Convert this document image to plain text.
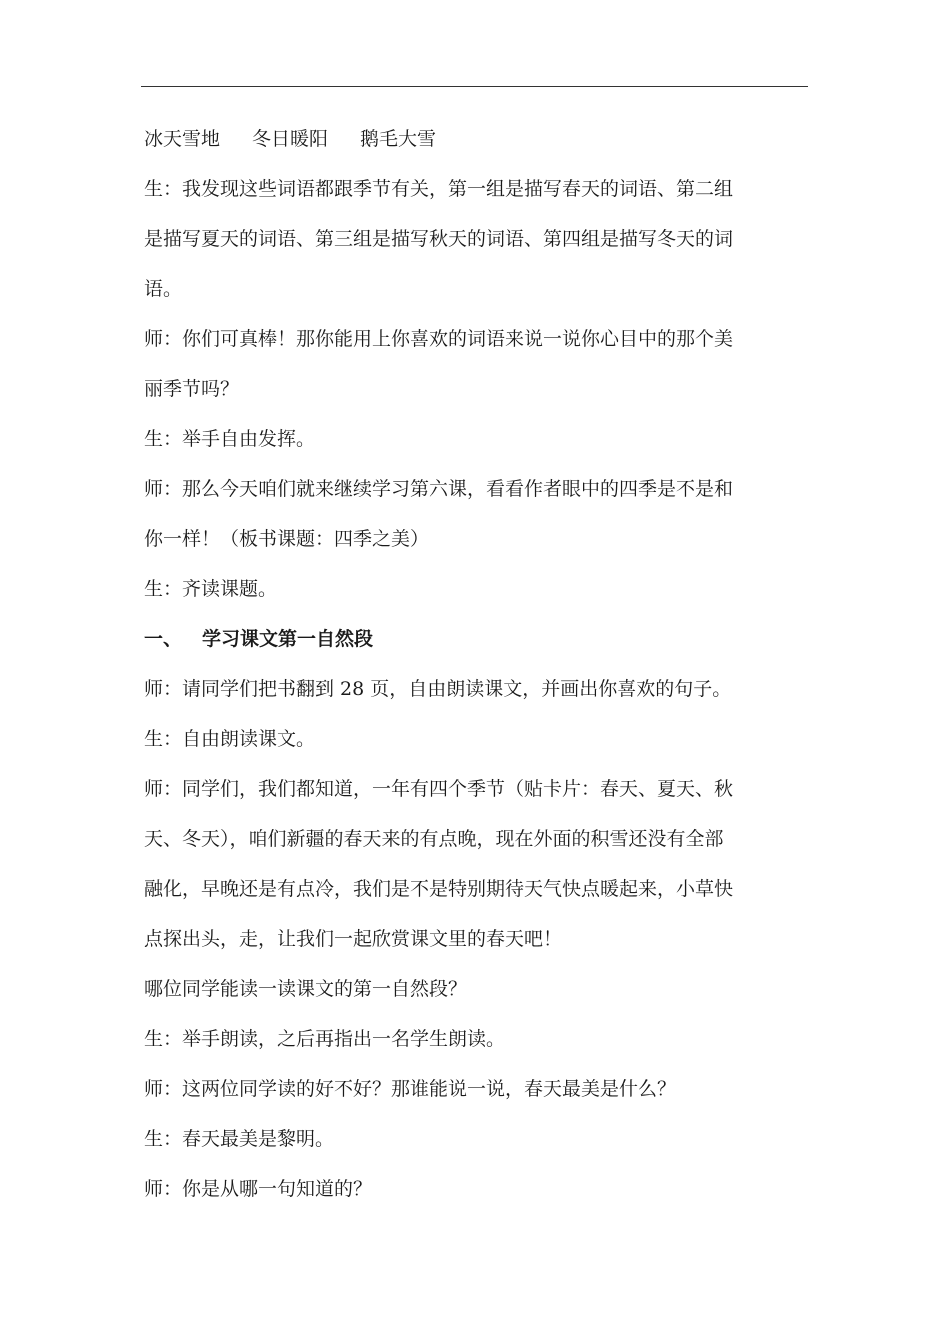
冰天雪地 冬日暖阳 鹅毛大雪
生：我发现这些词语都跟季节有关，第一组是描写春天的词语、第二组
是描写夏天的词语、第三组是描写秋天的词语、第四组是描写冬天的词
语。
师：你们可真棒！那你能用上你喜欢的词语来说一说你心目中的那个美
丽季节吗？
生：举手自由发挥。
师：那么今天咱们就来继续学习第六课，看看作者眼中的四季是不是和
你一样！（板书课题：四季之美）
生：齐读课题。
一、 学习课文第一自然段
师：请同学们把书翻到 28 页，自由朗读课文，并画出你喜欢的句子。
生：自由朗读课文。
师：同学们，我们都知道，一年有四个季节（贴卡片：春天、夏天、秋
天、冬天），咱们新疆的春天来的有点晚，现在外面的积雪还没有全部
融化，早晚还是有点冷，我们是不是特别期待天气快点暖起来，小草快
点探出头，走，让我们一起欣赏课文里的春天吧！
哪位同学能读一读课文的第一自然段？
生：举手朗读，之后再指出一名学生朗读。
师：这两位同学读的好不好？那谁能说一说，春天最美是什么？
生：春天最美是黎明。
师：你是从哪一句知道的？
